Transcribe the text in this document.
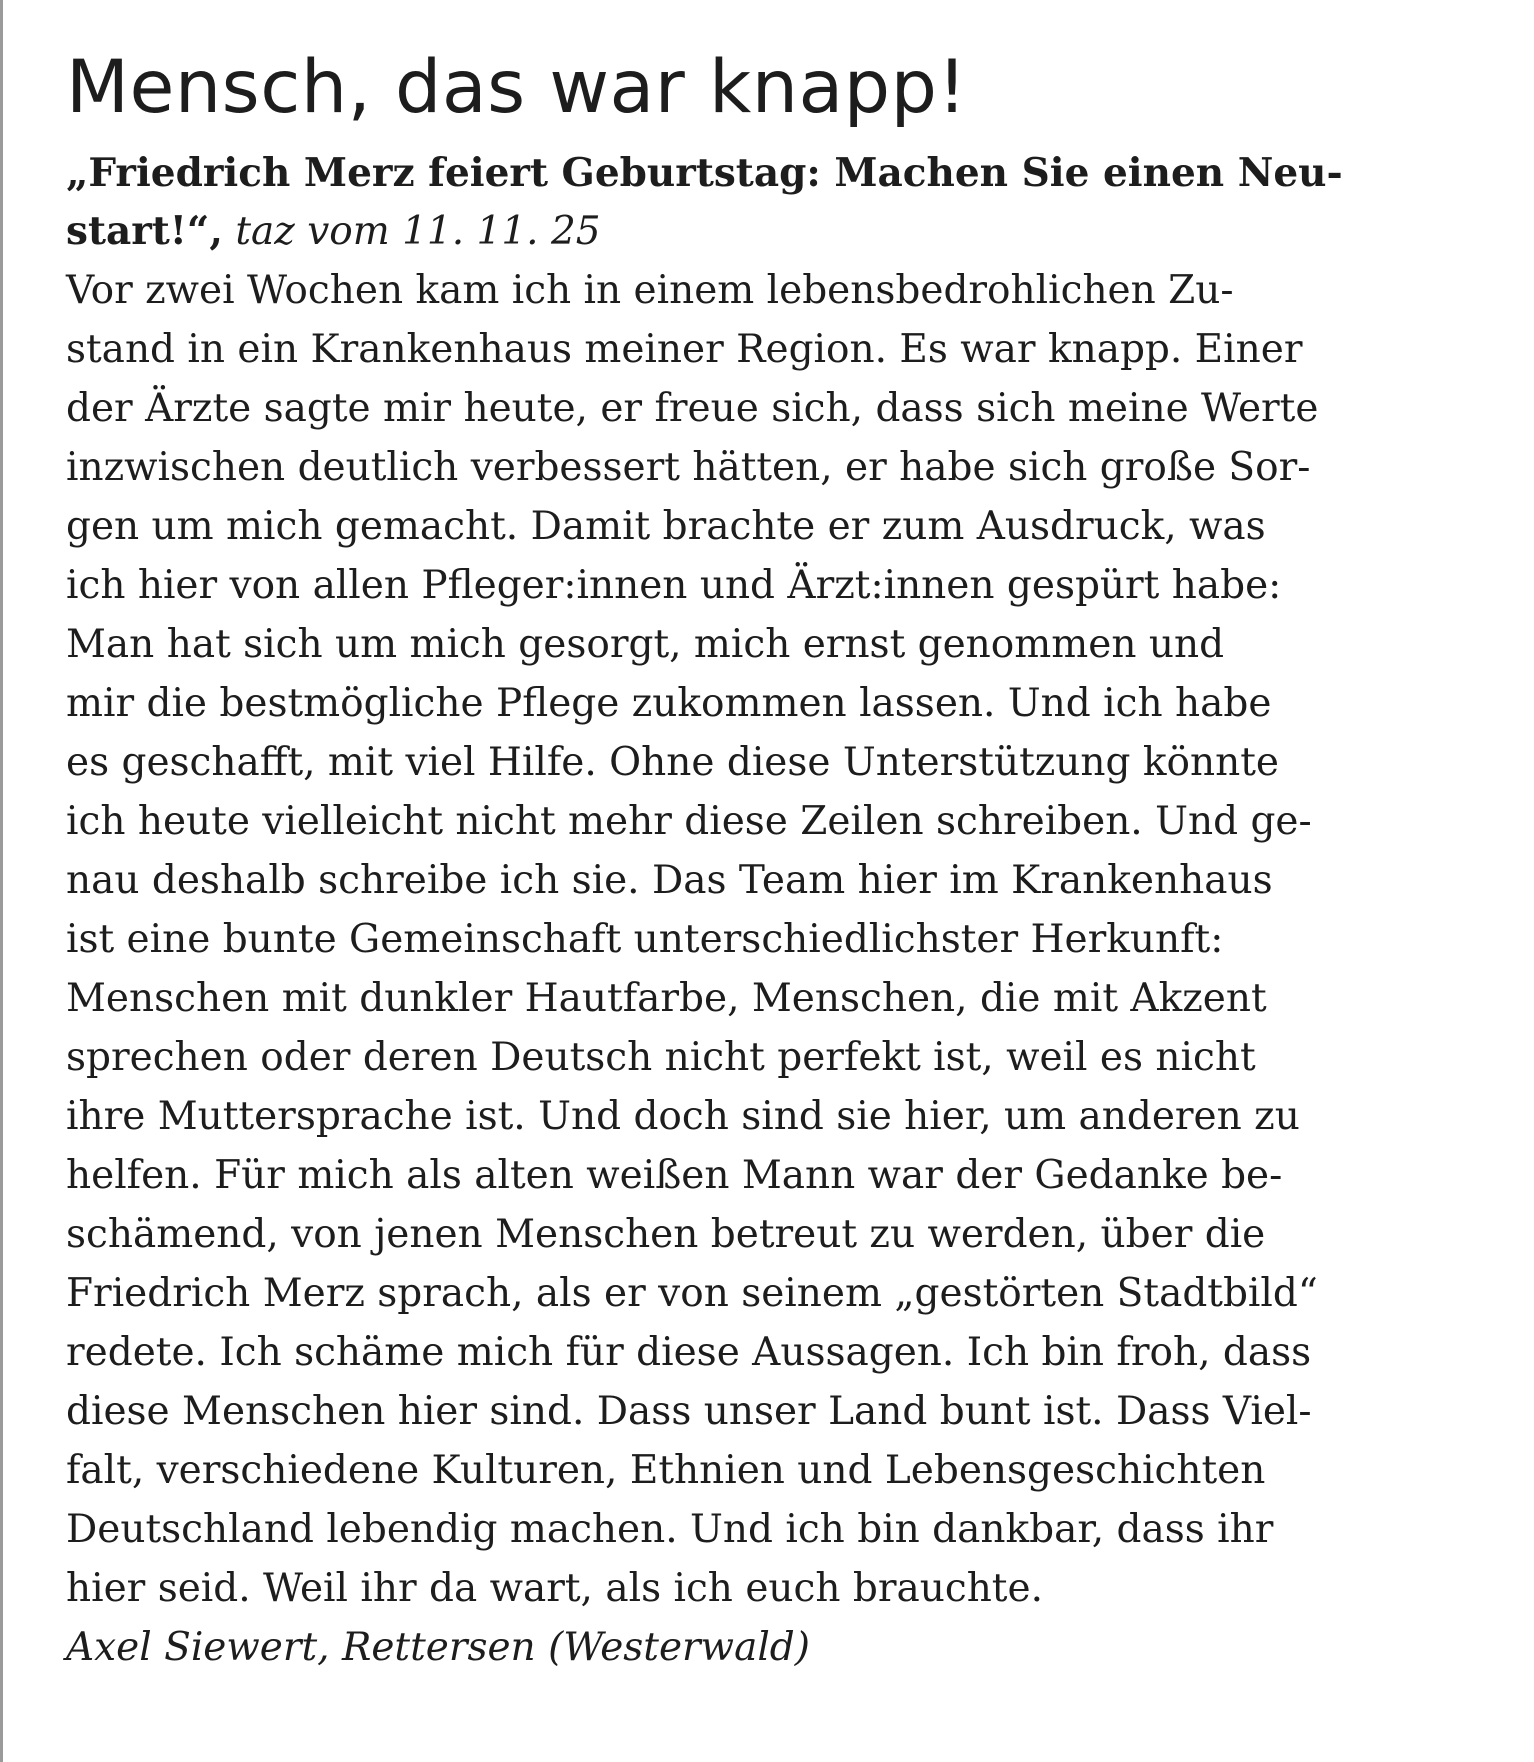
Mensch, das war knapp!

„Friedrich Merz feiert Geburtstag: Machen Sie einen Neu-
start!“, taz vom 11. 11. 25

Vor zwei Wochen kam ich in einem lebensbedrohlichen Zu-
stand in ein Krankenhaus meiner Region. Es war knapp. Einer
der Ärzte sagte mir heute, er freue sich, dass sich meine Werte
inzwischen deutlich verbessert hätten, er habe sich große Sor-
gen um mich gemacht. Damit brachte er zum Ausdruck, was
ich hier von allen Pfleger:innen und Ärzt:innen gespürt habe:
Man hat sich um mich gesorgt, mich ernst genommen und
mir die bestmögliche Pflege zukommen lassen. Und ich habe
es geschafft, mit viel Hilfe. Ohne diese Unterstützung könnte
ich heute vielleicht nicht mehr diese Zeilen schreiben. Und ge-
nau deshalb schreibe ich sie. Das Team hier im Krankenhaus
ist eine bunte Gemeinschaft unterschiedlichster Herkunft:
Menschen mit dunkler Hautfarbe, Menschen, die mit Akzent
sprechen oder deren Deutsch nicht perfekt ist, weil es nicht
ihre Muttersprache ist. Und doch sind sie hier, um anderen zu
helfen. Für mich als alten weißen Mann war der Gedanke be-
schämend, von jenen Menschen betreut zu werden, über die
Friedrich Merz sprach, als er von seinem „gestörten Stadtbild“
redete. Ich schäme mich für diese Aussagen. Ich bin froh, dass
diese Menschen hier sind. Dass unser Land bunt ist. Dass Viel-
falt, verschiedene Kulturen, Ethnien und Lebensgeschichten
Deutschland lebendig machen. Und ich bin dankbar, dass ihr
hier seid. Weil ihr da wart, als ich euch brauchte.

Axel Siewert, Rettersen (Westerwald)
